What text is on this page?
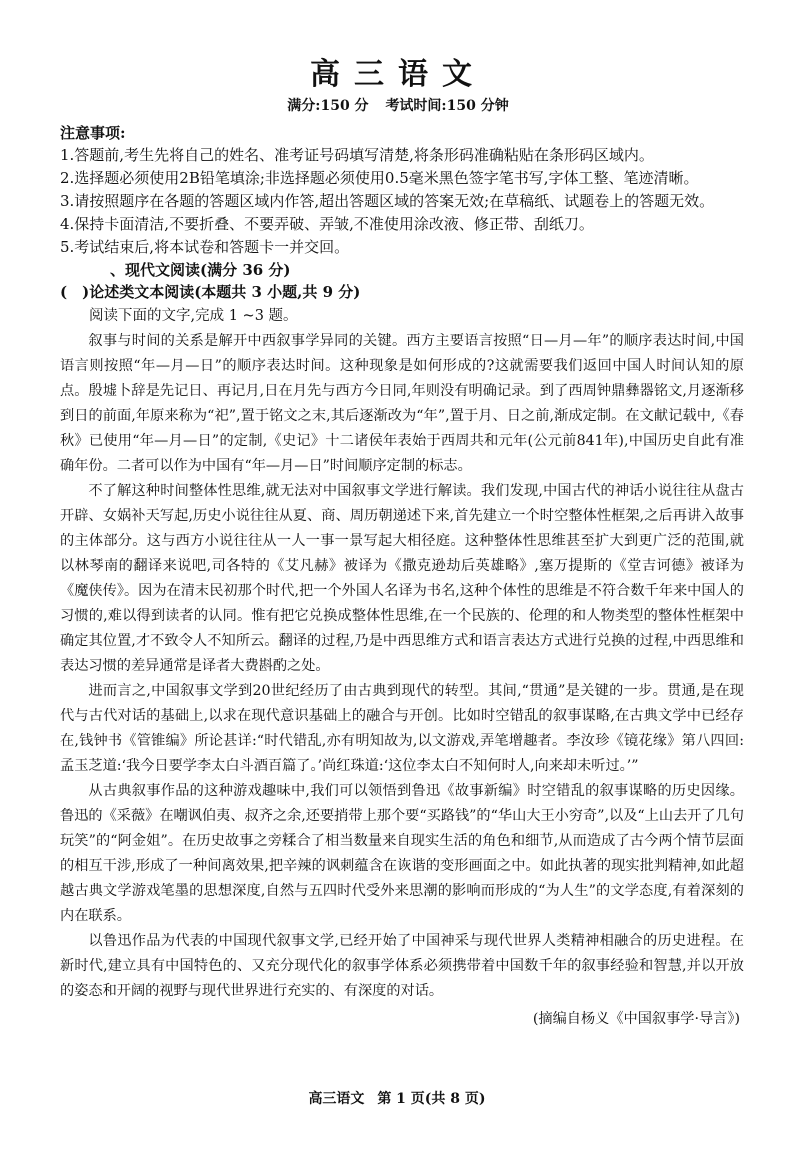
高三语文
满分:150 分 考试时间:150 分钟
注意事项:
1.答题前,考生先将自己的姓名、准考证号码填写清楚,将条形码准确粘贴在条形码区域内。
2.选择题必须使用2B铅笔填涂;非选择题必须使用0.5毫米黑色签字笔书写,字体工整、笔迹清晰。
3.请按照题序在各题的答题区域内作答,超出答题区域的答案无效;在草稿纸、试题卷上的答题无效。
4.保持卡面清洁,不要折叠、不要弄破、弄皱,不准使用涂改液、修正带、刮纸刀。
5.考试结束后,将本试卷和答题卡一并交回。
、现代文阅读(满分 36 分)
(　)论述类文本阅读(本题共 3 小题,共 9 分)
阅读下面的文字,完成 1 ~3 题。

叙事与时间的关系是解开中西叙事学异同的关键。西方主要语言按照“日—月—年”的顺序表达时间,中国语言则按照“年—月—日”的顺序表达时间。这种现象是如何形成的?这就需要我们返回中国人时间认知的原点。殷墟卜辞是先记日、再记月,日在月先与西方今日同,年则没有明确记录。到了西周钟鼎彝器铭文,月逐渐移到日的前面,年原来称为“祀”,置于铭文之末,其后逐渐改为“年”,置于月、日之前,渐成定制。在文献记载中,《春秋》已使用“年—月—日”的定制,《史记》十二诸侯年表始于西周共和元年(公元前841年),中国历史自此有准确年份。二者可以作为中国有“年—月—日”时间顺序定制的标志。

不了解这种时间整体性思维,就无法对中国叙事文学进行解读。我们发现,中国古代的神话小说往往从盘古开辟、女娲补天写起,历史小说往往从夏、商、周历朝递述下来,首先建立一个时空整体性框架,之后再讲入故事的主体部分。这与西方小说往往从一人一事一景写起大相径庭。这种整体性思维甚至扩大到更广泛的范围,就以林琴南的翻译来说吧,司各特的《艾凡赫》被译为《撒克逊劫后英雄略》,塞万提斯的《堂吉诃德》被译为《魔侠传》。因为在清末民初那个时代,把一个外国人名译为书名,这种个体性的思维是不符合数千年来中国人的习惯的,难以得到读者的认同。惟有把它兑换成整体性思维,在一个民族的、伦理的和人物类型的整体性框架中确定其位置,才不致令人不知所云。翻译的过程,乃是中西思维方式和语言表达方式进行兑换的过程,中西思维和表达习惯的差异通常是译者大费斟酌之处。

进而言之,中国叙事文学到20世纪经历了由古典到现代的转型。其间,“贯通”是关键的一步。贯通,是在现代与古代对话的基础上,以求在现代意识基础上的融合与开创。比如时空错乱的叙事谋略,在古典文学中已经存在,钱钟书《管锥编》所论甚详:“时代错乱,亦有明知故为,以文游戏,弄笔增趣者。李汝珍《镜花缘》第八四回:孟玉芝道:‘我今日要学李太白斗酒百篇了。’尚红珠道:‘这位李太白不知何时人,向来却未听过。’”

从古典叙事作品的这种游戏趣味中,我们可以领悟到鲁迅《故事新编》时空错乱的叙事谋略的历史因缘。鲁迅的《采薇》在嘲讽伯夷、叔齐之余,还要捎带上那个要“买路钱”的“华山大王小穷奇”,以及“上山去开了几句玩笑”的“阿金姐”。在历史故事之旁糅合了相当数量来自现实生活的角色和细节,从而造成了古今两个情节层面的相互干涉,形成了一种间离效果,把辛辣的讽刺蕴含在诙谐的变形画面之中。如此执著的现实批判精神,如此超越古典文学游戏笔墨的思想深度,自然与五四时代受外来思潮的影响而形成的“为人生”的文学态度,有着深刻的内在联系。

以鲁迅作品为代表的中国现代叙事文学,已经开始了中国神采与现代世界人类精神相融合的历史进程。在新时代,建立具有中国特色的、又充分现代化的叙事学体系必须携带着中国数千年的叙事经验和智慧,并以开放的姿态和开阔的视野与现代世界进行充实的、有深度的对话。

(摘编自杨义《中国叙事学·导言》)
高三语文 第 1 页(共 8 页)
